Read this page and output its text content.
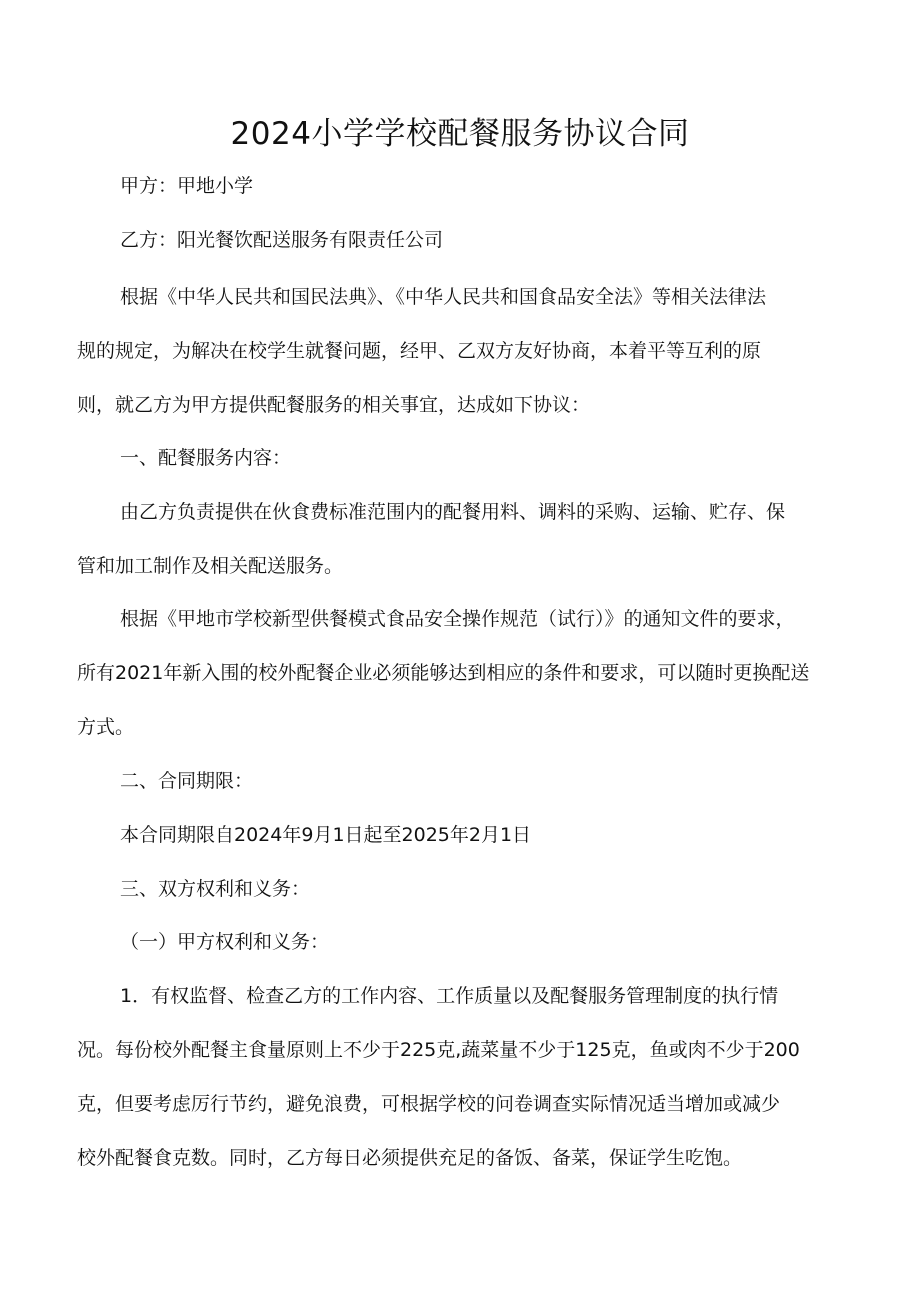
2024小学学校配餐服务协议合同
甲方：甲地小学
乙方：阳光餐饮配送服务有限责任公司
根据《中华人民共和国民法典》、《中华人民共和国食品安全法》等相关法律法
规的规定，为解决在校学生就餐问题，经甲、乙双方友好协商，本着平等互利的原
则，就乙方为甲方提供配餐服务的相关事宜，达成如下协议：
一、配餐服务内容：
由乙方负责提供在伙食费标准范围内的配餐用料、调料的采购、运输、贮存、保
管和加工制作及相关配送服务。
根据《甲地市学校新型供餐模式食品安全操作规范（试行）》的通知文件的要求，
所有2021年新入围的校外配餐企业必须能够达到相应的条件和要求，可以随时更换配送
方式。
二、合同期限：
本合同期限自2024年9月1日起至2025年2月1日
三、双方权利和义务：
（一）甲方权利和义务：
1．有权监督、检查乙方的工作内容、工作质量以及配餐服务管理制度的执行情
况。每份校外配餐主食量原则上不少于225克,蔬菜量不少于125克，鱼或肉不少于200
克，但要考虑厉行节约，避免浪费，可根据学校的问卷调查实际情况适当增加或减少
校外配餐食克数。同时，乙方每日必须提供充足的备饭、备菜，保证学生吃饱。
